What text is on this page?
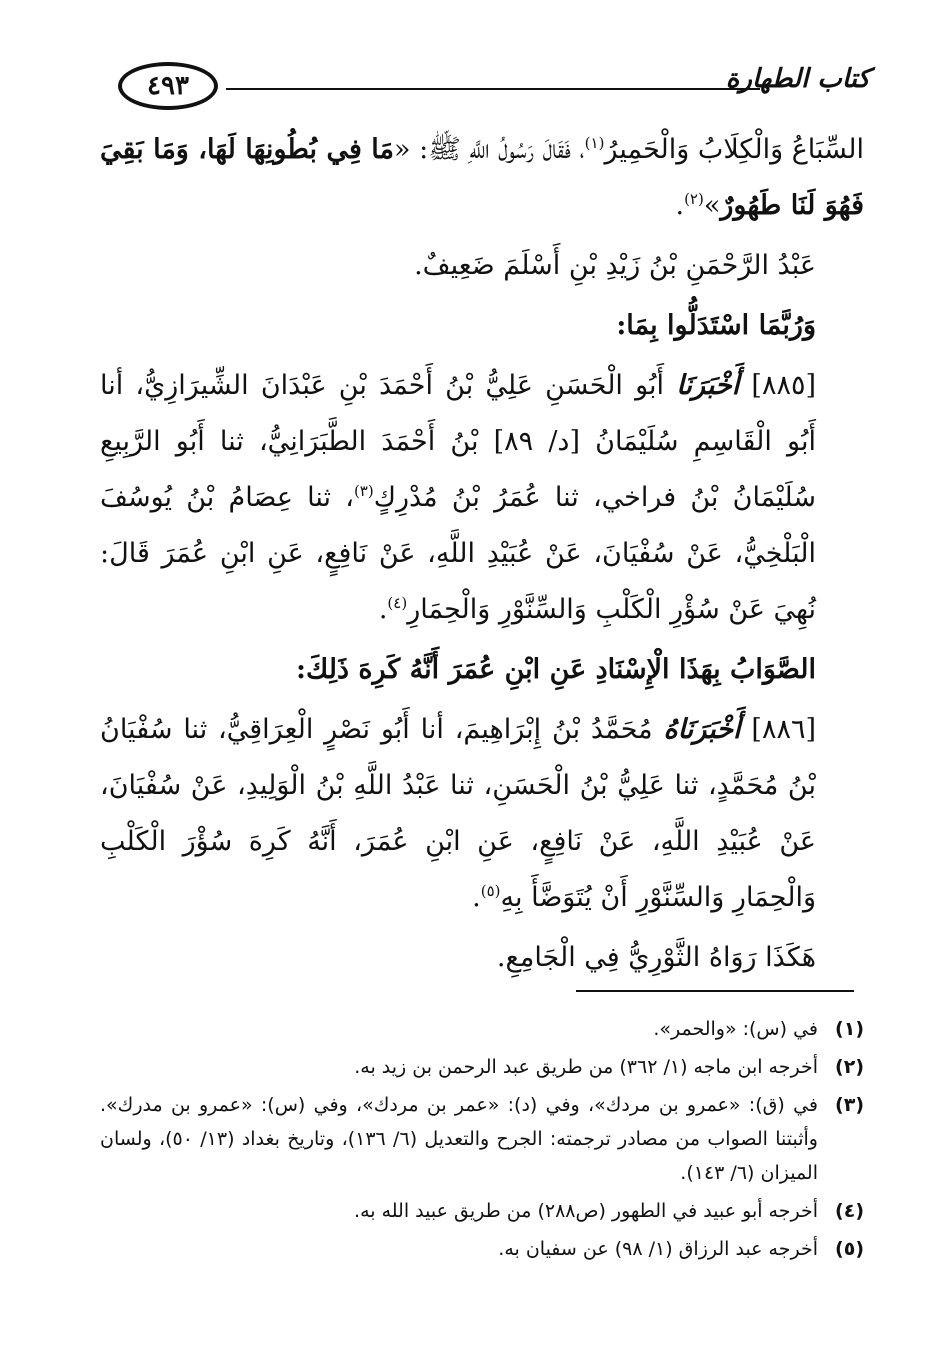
٤٩٣	كتاب الطهارة

السِّبَاعُ وَالْكِلَابُ وَالْحَمِيرُ$^{(١)}$، فَقَالَ رَسُولُ اللَّهِ ﷺ: «مَا فِي بُطُونِهَا لَهَا، وَمَا بَقِيَ فَهُوَ لَنَا طَهُورٌ»$^{(٢)}$.

عَبْدُ الرَّحْمَنِ بْنُ زَيْدِ بْنِ أَسْلَمَ ضَعِيفٌ.

وَرُبَّمَا اسْتَدَلُّوا بِمَا:

[٨٨٥] أَخْبَرَنَا أَبُو الْحَسَنِ عَلِيُّ بْنُ أَحْمَدَ بْنِ عَبْدَانَ الشِّيرَازِيُّ، أنا أَبُو الْقَاسِمِ سُلَيْمَانُ [د/ ٨٩] بْنُ أَحْمَدَ الطَّبَرَانِيُّ، ثنا أَبُو الرَّبِيعِ سُلَيْمَانُ بْنُ فراخي، ثنا عُمَرُ بْنُ مُدْرِكٍ$^{(٣)}$، ثنا عِصَامُ بْنُ يُوسُفَ الْبَلْخِيُّ، عَنْ سُفْيَانَ، عَنْ عُبَيْدِ اللَّهِ، عَنْ نَافِعٍ، عَنِ ابْنِ عُمَرَ قَالَ: نُهِيَ عَنْ سُؤْرِ الْكَلْبِ وَالسِّنَّوْرِ وَالْحِمَارِ$^{(٤)}$.

الصَّوَابُ بِهَذَا الْإِسْنَادِ عَنِ ابْنِ عُمَرَ أَنَّهُ كَرِهَ ذَلِكَ:

[٨٨٦] أَخْبَرَنَاهُ مُحَمَّدُ بْنُ إِبْرَاهِيمَ، أنا أَبُو نَصْرٍ الْعِرَاقِيُّ، ثنا سُفْيَانُ بْنُ مُحَمَّدٍ، ثنا عَلِيُّ بْنُ الْحَسَنِ، ثنا عَبْدُ اللَّهِ بْنُ الْوَلِيدِ، عَنْ سُفْيَانَ، عَنْ عُبَيْدِ اللَّهِ، عَنْ نَافِعٍ، عَنِ ابْنِ عُمَرَ، أَنَّهُ كَرِهَ سُؤْرَ الْكَلْبِ وَالْحِمَارِ وَالسِّنَّوْرِ أَنْ يُتَوَضَّأَ بِهِ$^{(٥)}$.

هَكَذَا رَوَاهُ الثَّوْرِيُّ فِي الْجَامِعِ.

(١)
في (س): «والحمر».
(٢)
أخرجه ابن ماجه (١/ ٣٦٢) من طريق عبد الرحمن بن زيد به.
(٣)
في (ق): «عمرو بن مردك»، وفي (د): «عمر بن مردك»، وفي (س): «عمرو بن مدرك». وأثبتنا الصواب من مصادر ترجمته: الجرح والتعديل (٦/ ١٣٦)، وتاريخ بغداد (١٣/ ٥٠)، ولسان الميزان (٦/ ١٤٣).
(٤)
أخرجه أبو عبيد في الطهور (ص٢٨٨) من طريق عبيد الله به.
(٥)
أخرجه عبد الرزاق (١/ ٩٨) عن سفيان به.
